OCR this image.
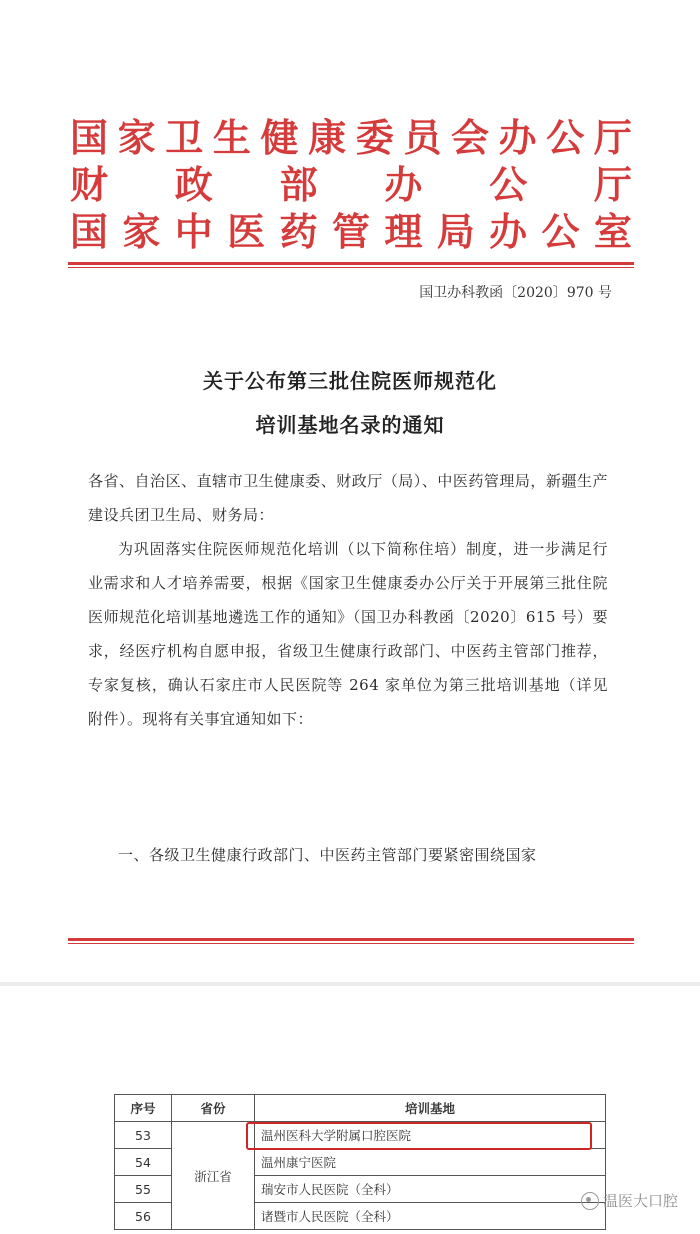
国 家 卫 生 健 康 委 员 会 办 公 厅
财 政 部 办 公 厅
国 家 中 医 药 管 理 局 办 公 室
国卫办科教函〔2020〕970 号
关于公布第三批住院医师规范化
培训基地名录的通知
各省、自治区、直辖市卫生健康委、财政厅（局）、中医药管理局，新疆生产建设兵团卫生局、财务局：
为巩固落实住院医师规范化培训（以下简称住培）制度，进一步满足行业需求和人才培养需要，根据《国家卫生健康委办公厅关于开展第三批住院医师规范化培训基地遴选工作的通知》（国卫办科教函〔2020〕615 号）要求，经医疗机构自愿申报，省级卫生健康行政部门、中医药主管部门推荐，专家复核，确认石家庄市人民医院等 264 家单位为第三批培训基地（详见附件）。现将有关事宜通知如下：
一、各级卫生健康行政部门、中医药主管部门要紧密围绕国家
序号	省份	培训基地
53	浙江省	温州医科大学附属口腔医院
54		温州康宁医院
55		瑞安市人民医院（全科）
56		诸暨市人民医院（全科）
温医大口腔
